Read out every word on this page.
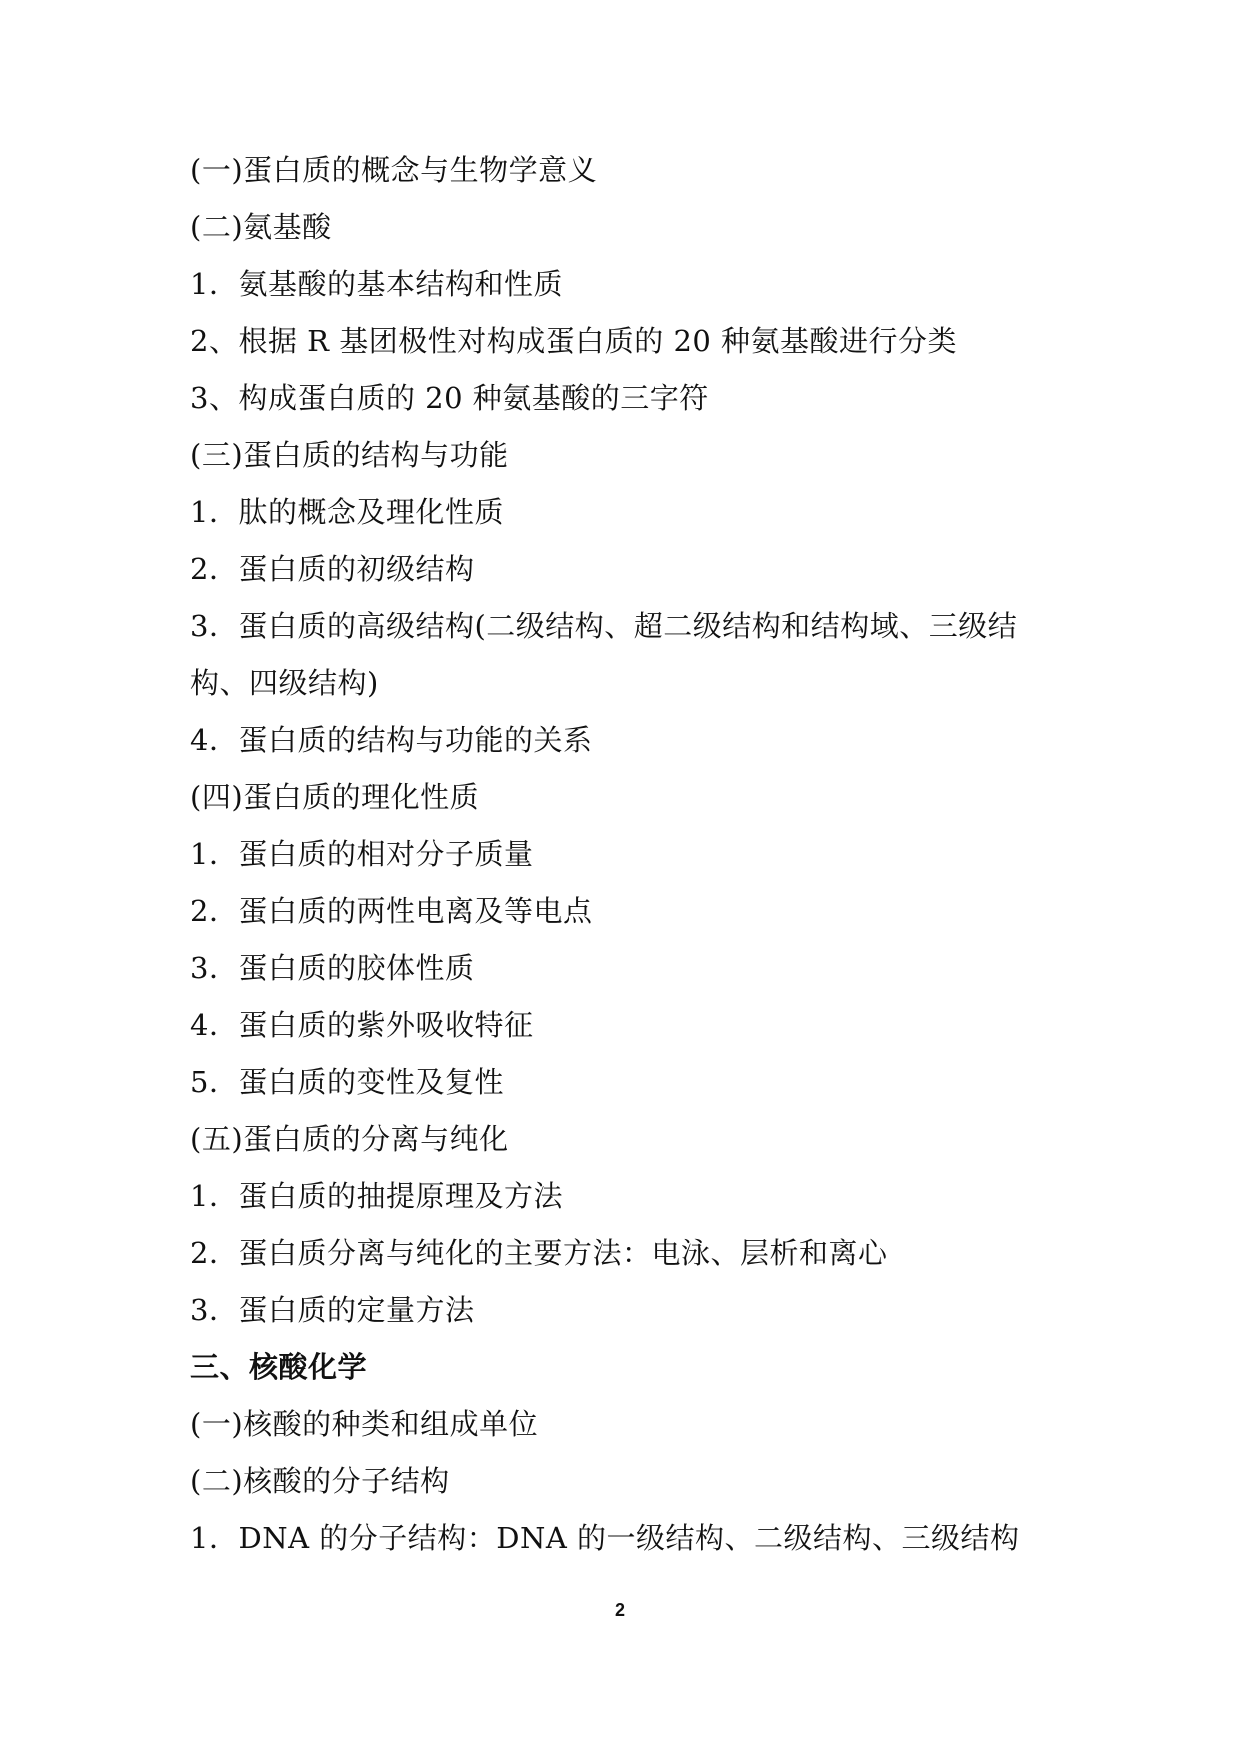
(一)蛋白质的概念与生物学意义
(二)氨基酸
1．氨基酸的基本结构和性质
2、根据 R 基团极性对构成蛋白质的 20 种氨基酸进行分类
3、构成蛋白质的 20 种氨基酸的三字符
(三)蛋白质的结构与功能
1．肽的概念及理化性质
2．蛋白质的初级结构
3．蛋白质的高级结构(二级结构、超二级结构和结构域、三级结
构、四级结构)
4．蛋白质的结构与功能的关系
(四)蛋白质的理化性质
1．蛋白质的相对分子质量
2．蛋白质的两性电离及等电点
3．蛋白质的胶体性质
4．蛋白质的紫外吸收特征
5．蛋白质的变性及复性
(五)蛋白质的分离与纯化
1．蛋白质的抽提原理及方法
2．蛋白质分离与纯化的主要方法：电泳、层析和离心
3．蛋白质的定量方法
三、核酸化学
(一)核酸的种类和组成单位
(二)核酸的分子结构
1．DNA 的分子结构：DNA 的一级结构、二级结构、三级结构
2
